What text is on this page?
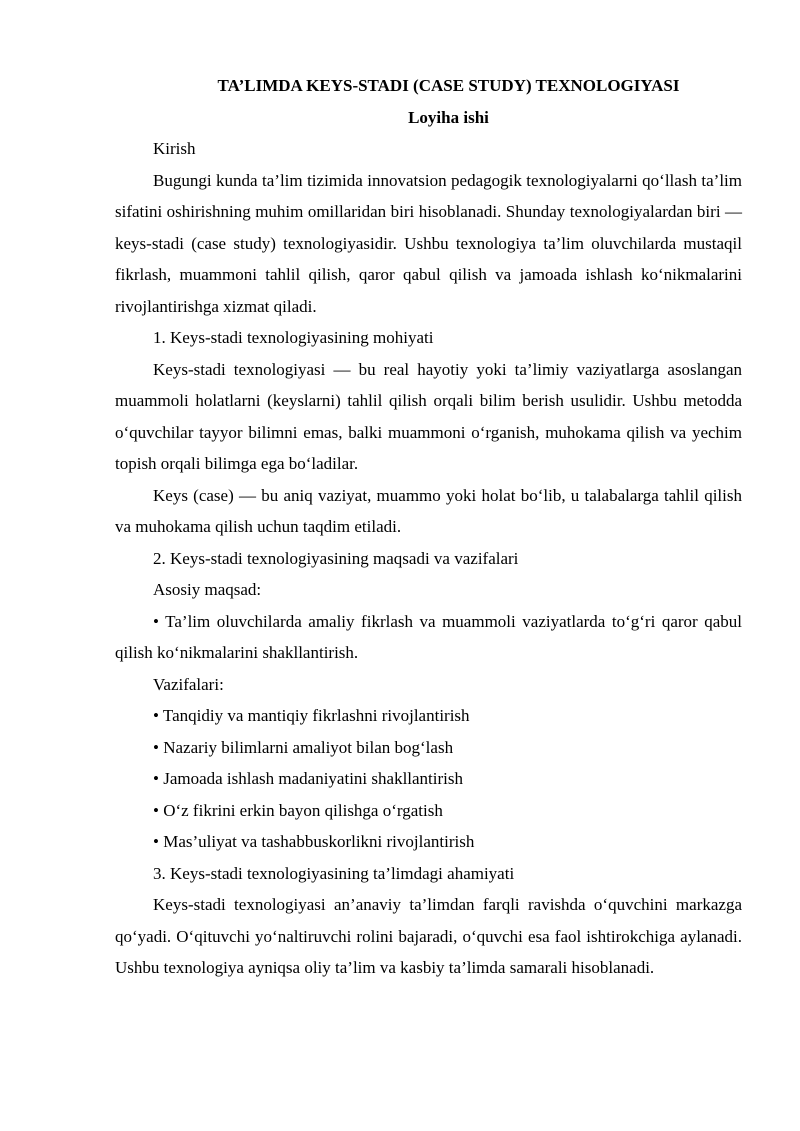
TA’LIMDA KEYS-STADI (CASE STUDY) TEXNOLOGIYASI

Loyiha ishi

Kirish

Bugungi kunda ta’lim tizimida innovatsion pedagogik texnologiyalarni qo‘llash ta’lim sifatini oshirishning muhim omillaridan biri hisoblanadi. Shunday texnologiyalardan biri — keys-stadi (case study) texnologiyasidir. Ushbu texnologiya ta’lim oluvchilarda mustaqil fikrlash, muammoni tahlil qilish, qaror qabul qilish va jamoada ishlash ko‘nikmalarini rivojlantirishga xizmat qiladi.

1. Keys-stadi texnologiyasining mohiyati

Keys-stadi texnologiyasi — bu real hayotiy yoki ta’limiy vaziyatlarga asoslangan muammoli holatlarni (keyslarni) tahlil qilish orqali bilim berish usulidir. Ushbu metodda o‘quvchilar tayyor bilimni emas, balki muammoni o‘rganish, muhokama qilish va yechim topish orqali bilimga ega bo‘ladilar.

Keys (case) — bu aniq vaziyat, muammo yoki holat bo‘lib, u talabalarga tahlil qilish va muhokama qilish uchun taqdim etiladi.

2. Keys-stadi texnologiyasining maqsadi va vazifalari

Asosiy maqsad:

• Ta’lim oluvchilarda amaliy fikrlash va muammoli vaziyatlarda to‘g‘ri qaror qabul qilish ko‘nikmalarini shakllantirish.

Vazifalari:

• Tanqidiy va mantiqiy fikrlashni rivojlantirish

• Nazariy bilimlarni amaliyot bilan bog‘lash

• Jamoada ishlash madaniyatini shakllantirish

• O‘z fikrini erkin bayon qilishga o‘rgatish

• Mas’uliyat va tashabbuskorlikni rivojlantirish

3. Keys-stadi texnologiyasining ta’limdagi ahamiyati

Keys-stadi texnologiyasi an’anaviy ta’limdan farqli ravishda o‘quvchini markazga qo‘yadi. O‘qituvchi yo‘naltiruvchi rolini bajaradi, o‘quvchi esa faol ishtirokchiga aylanadi. Ushbu texnologiya ayniqsa oliy ta’lim va kasbiy ta’limda samarali hisoblanadi.
